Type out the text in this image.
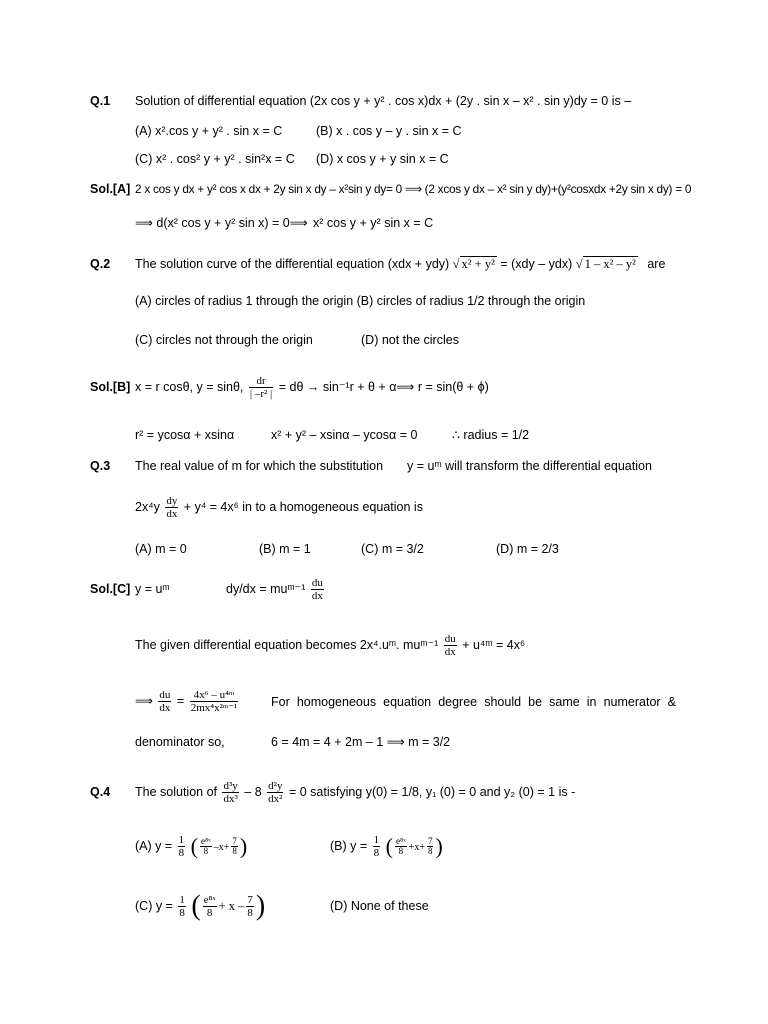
Q.1 Solution of differential equation (2x cos y + y² . cos x)dx + (2y . sin x – x² . sin y)dy = 0 is –
(A) x².cos y + y² . sin x = C	(B) x . cos y – y . sin x = C
(C) x² . cos² y + y² . sin²x = C (D) x cos y + y sin x = C
Sol.[A] 2 x cos y dx + y² cos x dx + 2y sin x dy – x²sin y dy= 0 ⟹ (2 xcos y dx – x² sin y dy)+(y²cosxdx +2y sin x dy) = 0
⟹ d(x² cos y + y² sin x) = 0⟹ x² cos y + y² sin x = C
Q.2 The solution curve of the differential equation (xdx + ydy) √ x² + y² = (xdy – ydx) √ 1 – x² – y² are
(A) circles of radius 1 through the origin (B) circles of radius 1/2 through the origin
(C) circles not through the origin	(D) not the circles
Sol.[B] x = r cosθ, y = sinθ, $\frac{dr}{\text{| –r² |}} = d\theta \to \sin^{-1}r + \theta$ + α⟹ r = sin(θ + ϕ)
r² = ycosα + xsinα	x² + y² – xsinα – ycosα = 0	∴ radius = 1/2
Q.3 The real value of m for which the substitution y = uᵐ will transform the differential equation
$2x^4y \frac{dy}{dx} + y^4 = 4x^6$ in to a homogeneous equation is
(A) m = 0	(B) m = 1	(C) m = 3/2	(D) m = 2/3
Sol.[C] y = uᵐ	dy/dx = muᵐ⁻¹ $\frac{du}{dx}$
The given differential equation becomes 2x⁴.uᵐ. muᵐ⁻¹ $\frac{du}{dx}$ + u⁴ᵐ = 4x⁶
⟹ $\frac{du}{dx} = \frac{\text{4x⁶ – u⁴ᵐ}}{\text{2mx⁴x²ᵐ⁻¹}}$	For homogeneous equation degree should be same in numerator &
denominator so,	6 = 4m = 4 + 2m – 1 ⟹ m = 3/2
Q.4 The solution of $\frac{\text{d³y}}{\text{dx³}} - 8 \frac{\text{d²y}}{\text{dx²}} = 0$ satisfying y(0) = 1/8, y₁ (0) = 0 and y₂ (0) = 1 is -
(A) $y = \frac{1}{8}$ ( $\frac{\text{e⁸ˣ}}{8} -x+ \frac{7}{8}$ )	(B) $y = \frac{1}{8}$ ( $\frac{\text{e⁸ˣ}}{8} +x+ \frac{7}{8}$ )
(C) $y = \frac{1}{8}$ ( $\frac{\text{e⁸ˣ}}{8} + x - \frac{7}{8}$ )	(D) None of these
